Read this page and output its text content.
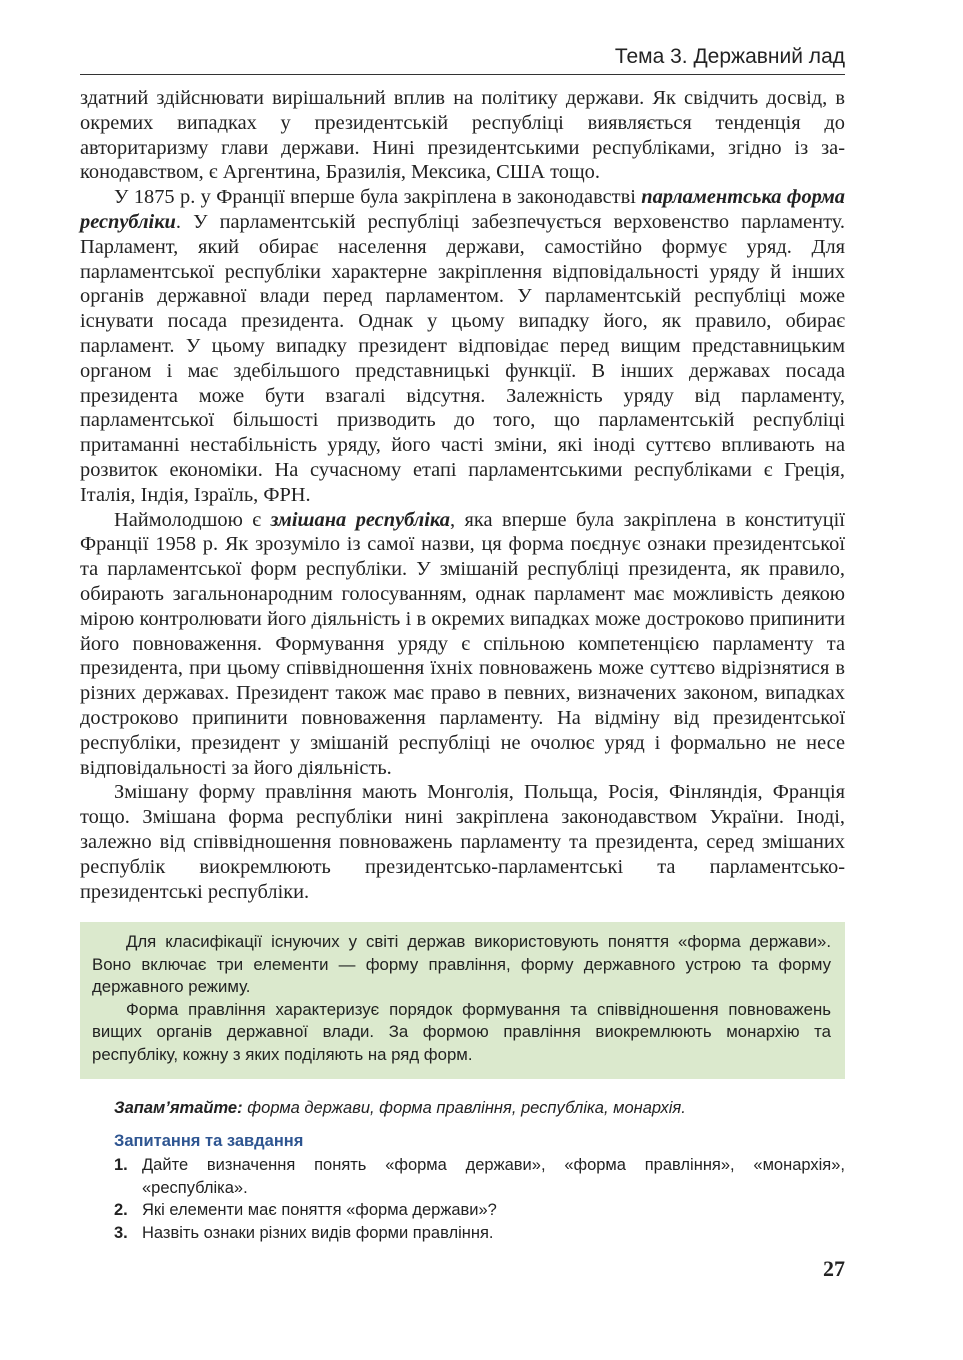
Тема 3. Державний лад

здатний здійснювати вирішальний вплив на політику держави. Як свідчить досвід, в окремих випадках у президентській республіці виявляється тенденція до авторитаризму глави держави. Нині президентськими республіками, згідно із законодавством, є Аргентина, Бразилія, Мексика, США тощо.

У 1875 р. у Франції вперше була закріплена в законодавстві парламентська форма республіки. У парламентській республіці забезпечується верховенство парламенту. Парламент, який обирає населення держави, самостійно формує уряд. Для парламентської республіки характерне закріплення відповідальності уряду й інших органів державної влади перед парламентом. У парламентській республіці може існувати посада президента. Однак у цьому випадку його, як правило, обирає парламент. У цьому випадку президент відповідає перед вищим представницьким органом і має здебільшого представницькі функції. В інших державах посада президента може бути взагалі відсутня. Залежність уряду від парламенту, парламентської більшості призводить до того, що парламентській республіці притаманні нестабільність уряду, його часті зміни, які іноді суттєво впливають на розвиток економіки. На сучасному етапі парламентськими республіками є Греція, Італія, Індія, Ізраїль, ФРН.

Наймолодшою є змішана республіка, яка вперше була закріплена в конституції Франції 1958 р. Як зрозуміло із самої назви, ця форма поєднує ознаки президентської та парламентської форм республіки. У змішаній республіці президента, як правило, обирають загальнонародним голосуванням, однак парламент має можливість деякою мірою контролювати його діяльність і в окремих випадках може достроково припинити його повноваження. Формування уряду є спільною компетенцією парламенту та президента, при цьому співвідношення їхніх повноважень може суттєво відрізнятися в різних державах. Президент також має право в певних, визначених законом, випадках достроково припинити повноваження парламенту. На відміну від президентської республіки, президент у змішаній республіці не очолює уряд і формально не несе відповідальності за його діяльність.

Змішану форму правління мають Монголія, Польща, Росія, Фінляндія, Франція тощо. Змішана форма республіки нині закріплена законодавством України. Іноді, залежно від співвідношення повноважень парламенту та президента, серед змішаних республік виокремлюють президентсько-парламентські та парламентсько-президентські республіки.

Для класифікації існуючих у світі держав використовують поняття «форма держави». Воно включає три елементи — форму правління, форму державного устрою та форму державного режиму.

Форма правління характеризує порядок формування та співвідношення повноважень вищих органів державної влади. За формою правління виокремлюють монархію та республіку, кожну з яких поділяють на ряд форм.

Запам’ятайте: форма держави, форма правління, республіка, монархія.
Запитання та завдання
1. Дайте визначення понять «форма держави», «форма правління», «монархія», «республіка».
2. Які елементи має поняття «форма держави»?
3. Назвіть ознаки різних видів форми правління.
27
